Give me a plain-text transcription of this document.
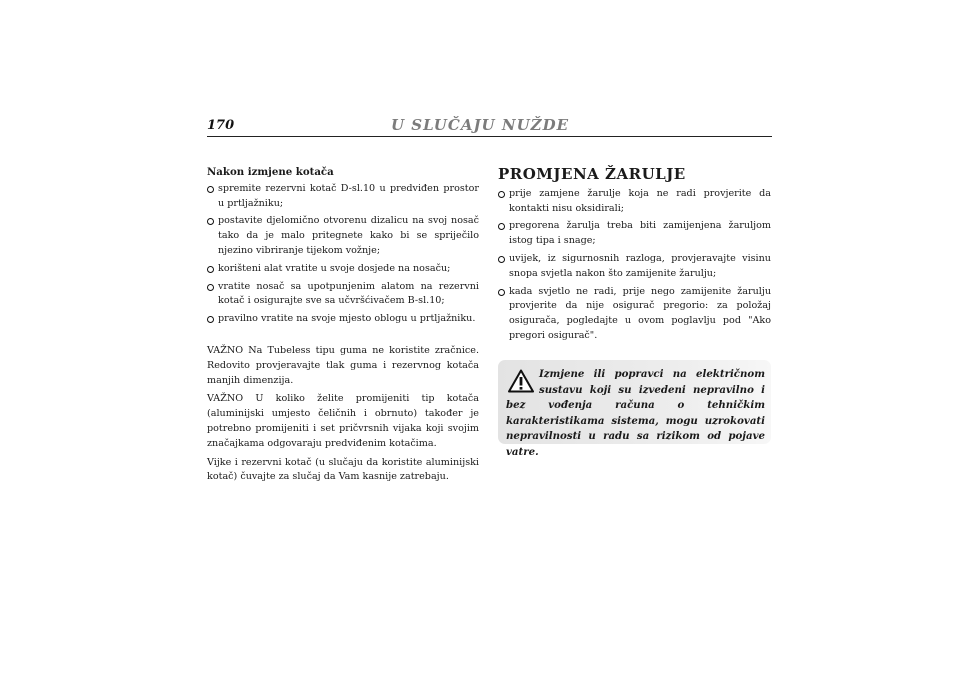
170	U SLUČAJU NUŽDE
Nakon izmjene kotača
spremite rezervni kotač D-sl.10 u predviđen prostor u prtljažniku;
postavite djelomično otvorenu dizalicu na svoj nosač tako da je malo pritegnete kako bi se spriječilo njezino vibriranje tijekom vožnje;
korišteni alat vratite u svoje dosjede na nosaču;
vratite nosač sa upotpunjenim alatom na rezervni kotač i osigurajte sve sa učvršćivačem B-sl.10;
pravilno vratite na svoje mjesto oblogu u prtljažniku.

VAŽNO Na Tubeless tipu guma ne koristite zračnice. Redovito provjeravajte tlak guma i rezervnog kotača manjih dimenzija.

VAŽNO U koliko želite promijeniti tip kotača (aluminijski umjesto čeličnih i obrnuto) također je potrebno promijeniti i set pričvrsnih vijaka koji svojim značajkama odgovaraju predviđenim kotačima.

Vijke i rezervni kotač (u slučaju da koristite aluminijski kotač) čuvajte za slučaj da Vam kasnije zatrebaju.

PROMJENA ŽARULJE
prije zamjene žarulje koja ne radi provjerite da kontakti nisu oksidirali;
pregorena žarulja treba biti zamijenjena žaruljom istog tipa i snage;
uvijek, iz sigurnosnih razloga, provjeravajte visinu snopa svjetla nakon što zamijenite žarulju;
kada svjetlo ne radi, prije nego zamijenite žarulju provjerite da nije osigurač pregorio: za položaj osigurača, pogledajte u ovom poglavlju pod "Ako pregori osigurač".
Izmjene ili popravci na električnom sustavu koji su izvedeni nepravilno i bez vođenja računa o tehničkim karakteristikama sistema, mogu uzrokovati nepravilnosti u radu sa rizikom od pojave vatre.
